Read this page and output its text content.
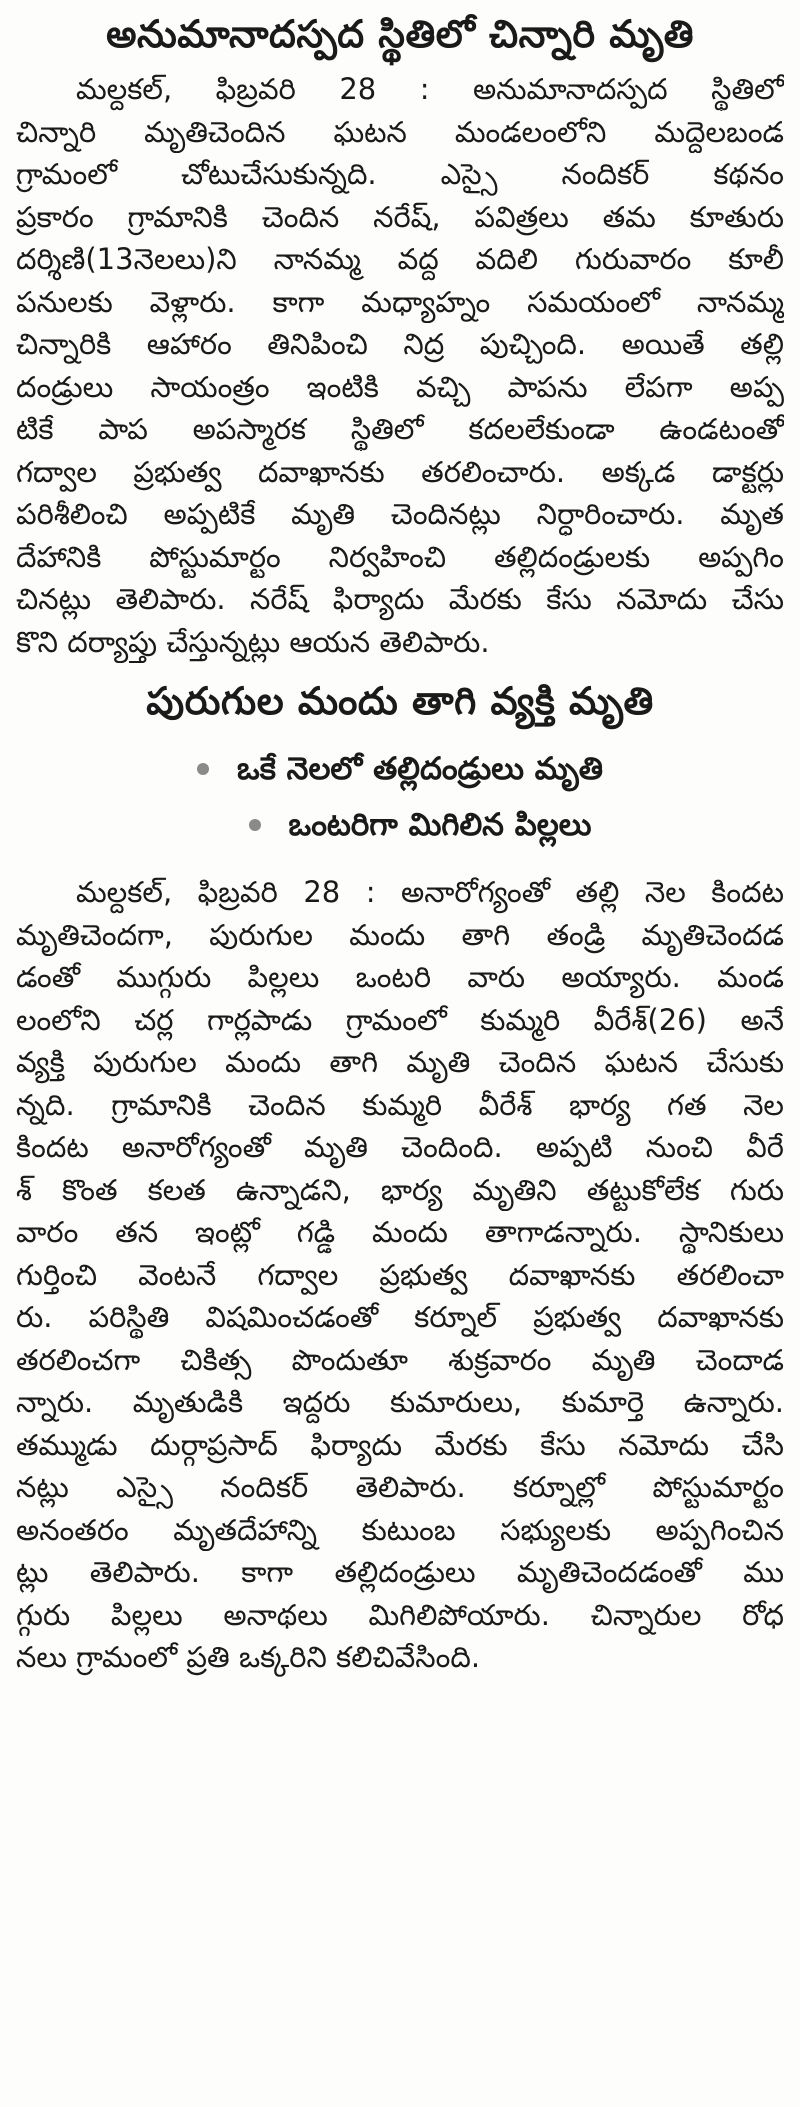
అనుమానాదస్పద స్థితిలో చిన్నారి మృతి
మల్దకల్, ఫిబ్రవరి 28 : అనుమానాదస్పద స్థితిలో
చిన్నారి మృతిచెందిన ఘటన మండలంలోని మద్దెలబండ
గ్రామంలో చోటుచేసుకున్నది. ఎస్సై నందికర్ కథనం
ప్రకారం గ్రామానికి చెందిన నరేష్, పవిత్రలు తమ కూతురు
దర్శిణి(13నెలలు)ని నానమ్మ వద్ద వదిలి గురువారం కూలీ
పనులకు వెళ్లారు. కాగా మధ్యాహ్నం సమయంలో నానమ్మ
చిన్నారికి ఆహారం తినిపించి నిద్ర పుచ్చింది. అయితే తల్లి
దండ్రులు సాయంత్రం ఇంటికి వచ్చి పాపను లేపగా అప్ప
టికే పాప అపస్మారక స్థితిలో కదలలేకుండా ఉండటంతో
గద్వాల ప్రభుత్వ దవాఖానకు తరలించారు. అక్కడ డాక్టర్లు
పరిశీలించి అప్పటికే మృతి చెందినట్లు నిర్ధారించారు. మృత
దేహానికి పోస్టుమార్టం నిర్వహించి తల్లిదండ్రులకు అప్పగిం
చినట్లు తెలిపారు. నరేష్ ఫిర్యాదు మేరకు కేసు నమోదు చేసు
కొని దర్యాప్తు చేస్తున్నట్లు ఆయన తెలిపారు.
పురుగుల మందు తాగి వ్యక్తి మృతి
ఒకే నెలలో తల్లిదండ్రులు మృతి
ఒంటరిగా మిగిలిన పిల్లలు
మల్దకల్, ఫిబ్రవరి 28 : అనారోగ్యంతో తల్లి నెల కిందట
మృతిచెందగా, పురుగుల మందు తాగి తండ్రి మృతిచెందడ
డంతో ముగ్గురు పిల్లలు ఒంటరి వారు అయ్యారు. మండ
లంలోని చర్ల గార్లపాడు గ్రామంలో కుమ్మరి వీరేశ్(26) అనే
వ్యక్తి పురుగుల మందు తాగి మృతి చెందిన ఘటన చేసుకు
న్నది. గ్రామానికి చెందిన కుమ్మరి వీరేశ్ భార్య గత నెల
కిందట అనారోగ్యంతో మృతి చెందింది. అప్పటి నుంచి వీరే
శ్ కొంత కలత ఉన్నాడని, భార్య మృతిని తట్టుకోలేక గురు
వారం తన ఇంట్లో గడ్డి మందు తాగాడన్నారు. స్థానికులు
గుర్తించి వెంటనే గద్వాల ప్రభుత్వ దవాఖానకు తరలించా
రు. పరిస్థితి విషమించడంతో కర్నూల్ ప్రభుత్వ దవాఖానకు
తరలించగా చికిత్స పొందుతూ శుక్రవారం మృతి చెందాడ
న్నారు. మృతుడికి ఇద్దరు కుమారులు, కుమార్తె ఉన్నారు.
తమ్ముడు దుర్గాప్రసాద్ ఫిర్యాదు మేరకు కేసు నమోదు చేసి
నట్లు ఎస్సై నందికర్ తెలిపారు. కర్నూల్లో పోస్టుమార్టం
అనంతరం మృతదేహాన్ని కుటుంబ సభ్యులకు అప్పగించిన
ట్లు తెలిపారు. కాగా తల్లిదండ్రులు మృతిచెందడంతో ము
గ్గురు పిల్లలు అనాథలు మిగిలిపోయారు. చిన్నారుల రోధ
నలు గ్రామంలో ప్రతి ఒక్కరిని కలిచివేసింది.
